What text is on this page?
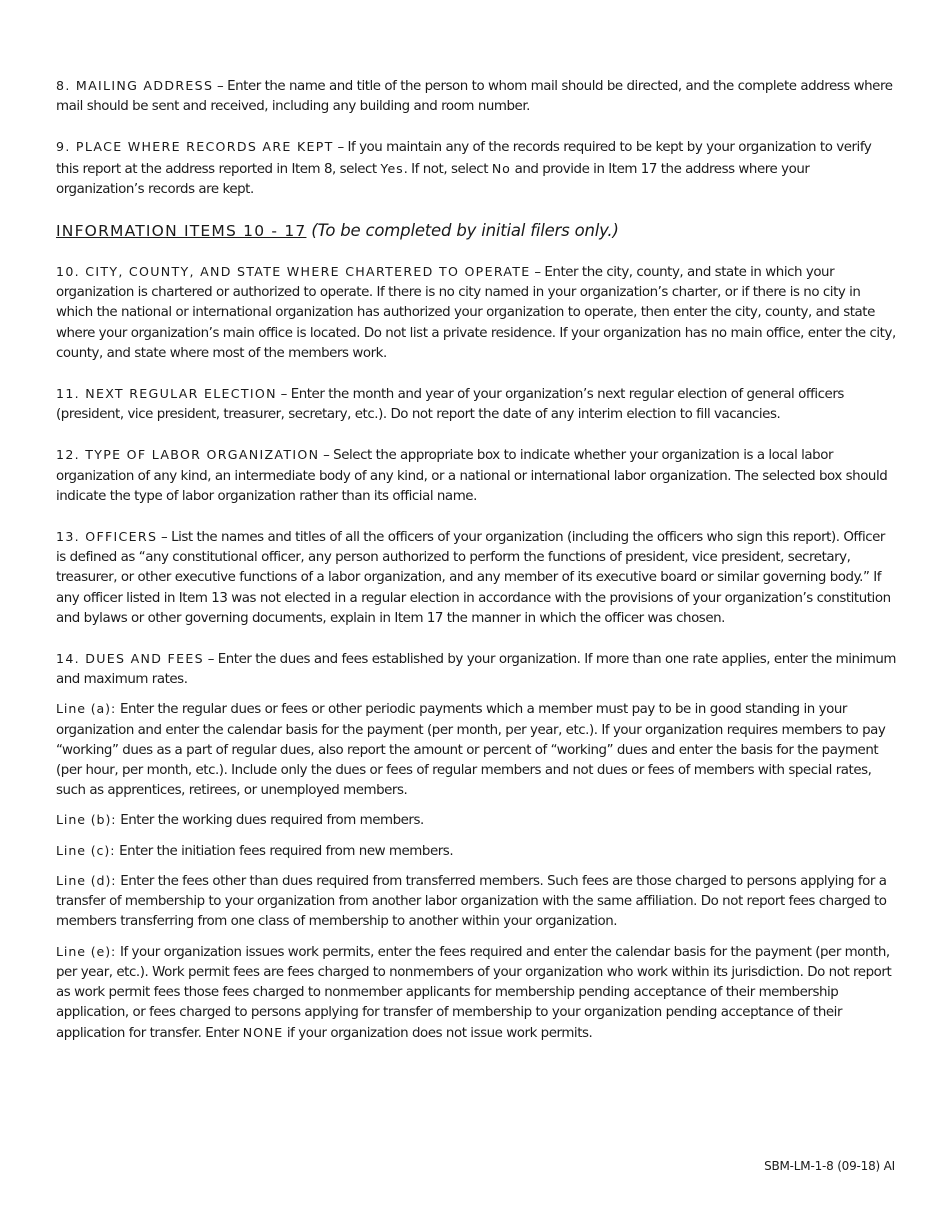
8. MAILING ADDRESS – Enter the name and title of the person to whom mail should be directed, and the complete address where mail should be sent and received, including any building and room number.

9. PLACE WHERE RECORDS ARE KEPT – If you maintain any of the records required to be kept by your organization to verify this report at the address reported in Item 8, select Yes. If not, select No and provide in Item 17 the address where your organization’s records are kept.

INFORMATION ITEMS 10 - 17 (To be completed by initial filers only.)

10. CITY, COUNTY, AND STATE WHERE CHARTERED TO OPERATE – Enter the city, county, and state in which your organization is chartered or authorized to operate. If there is no city named in your organization’s charter, or if there is no city in which the national or international organization has authorized your organization to operate, then enter the city, county, and state where your organization’s main office is located. Do not list a private residence. If your organization has no main office, enter the city, county, and state where most of the members work.

11. NEXT REGULAR ELECTION – Enter the month and year of your organization’s next regular election of general officers (president, vice president, treasurer, secretary, etc.). Do not report the date of any interim election to fill vacancies.

12. TYPE OF LABOR ORGANIZATION – Select the appropriate box to indicate whether your organization is a local labor organization of any kind, an intermediate body of any kind, or a national or international labor organization. The selected box should indicate the type of labor organization rather than its official name.

13. OFFICERS – List the names and titles of all the officers of your organization (including the officers who sign this report). Officer is defined as “any constitutional officer, any person authorized to perform the functions of president, vice president, secretary, treasurer, or other executive functions of a labor organization, and any member of its executive board or similar governing body.” If any officer listed in Item 13 was not elected in a regular election in accordance with the provisions of your organization’s constitution and bylaws or other governing documents, explain in Item 17 the manner in which the officer was chosen.

14. DUES AND FEES – Enter the dues and fees established by your organization. If more than one rate applies, enter the minimum and maximum rates.

Line (a): Enter the regular dues or fees or other periodic payments which a member must pay to be in good standing in your organization and enter the calendar basis for the payment (per month, per year, etc.). If your organization requires members to pay “working” dues as a part of regular dues, also report the amount or percent of “working” dues and enter the basis for the payment (per hour, per month, etc.). Include only the dues or fees of regular members and not dues or fees of members with special rates, such as apprentices, retirees, or unemployed members.

Line (b): Enter the working dues required from members.

Line (c): Enter the initiation fees required from new members.

Line (d): Enter the fees other than dues required from transferred members. Such fees are those charged to persons applying for a transfer of membership to your organization from another labor organization with the same affiliation. Do not report fees charged to members transferring from one class of membership to another within your organization.

Line (e): If your organization issues work permits, enter the fees required and enter the calendar basis for the payment (per month, per year, etc.). Work permit fees are fees charged to nonmembers of your organization who work within its jurisdiction. Do not report as work permit fees those fees charged to nonmember applicants for membership pending acceptance of their membership application, or fees charged to persons applying for transfer of membership to your organization pending acceptance of their application for transfer. Enter NONE if your organization does not issue work permits.

SBM-LM-1-8 (09-18) AI
